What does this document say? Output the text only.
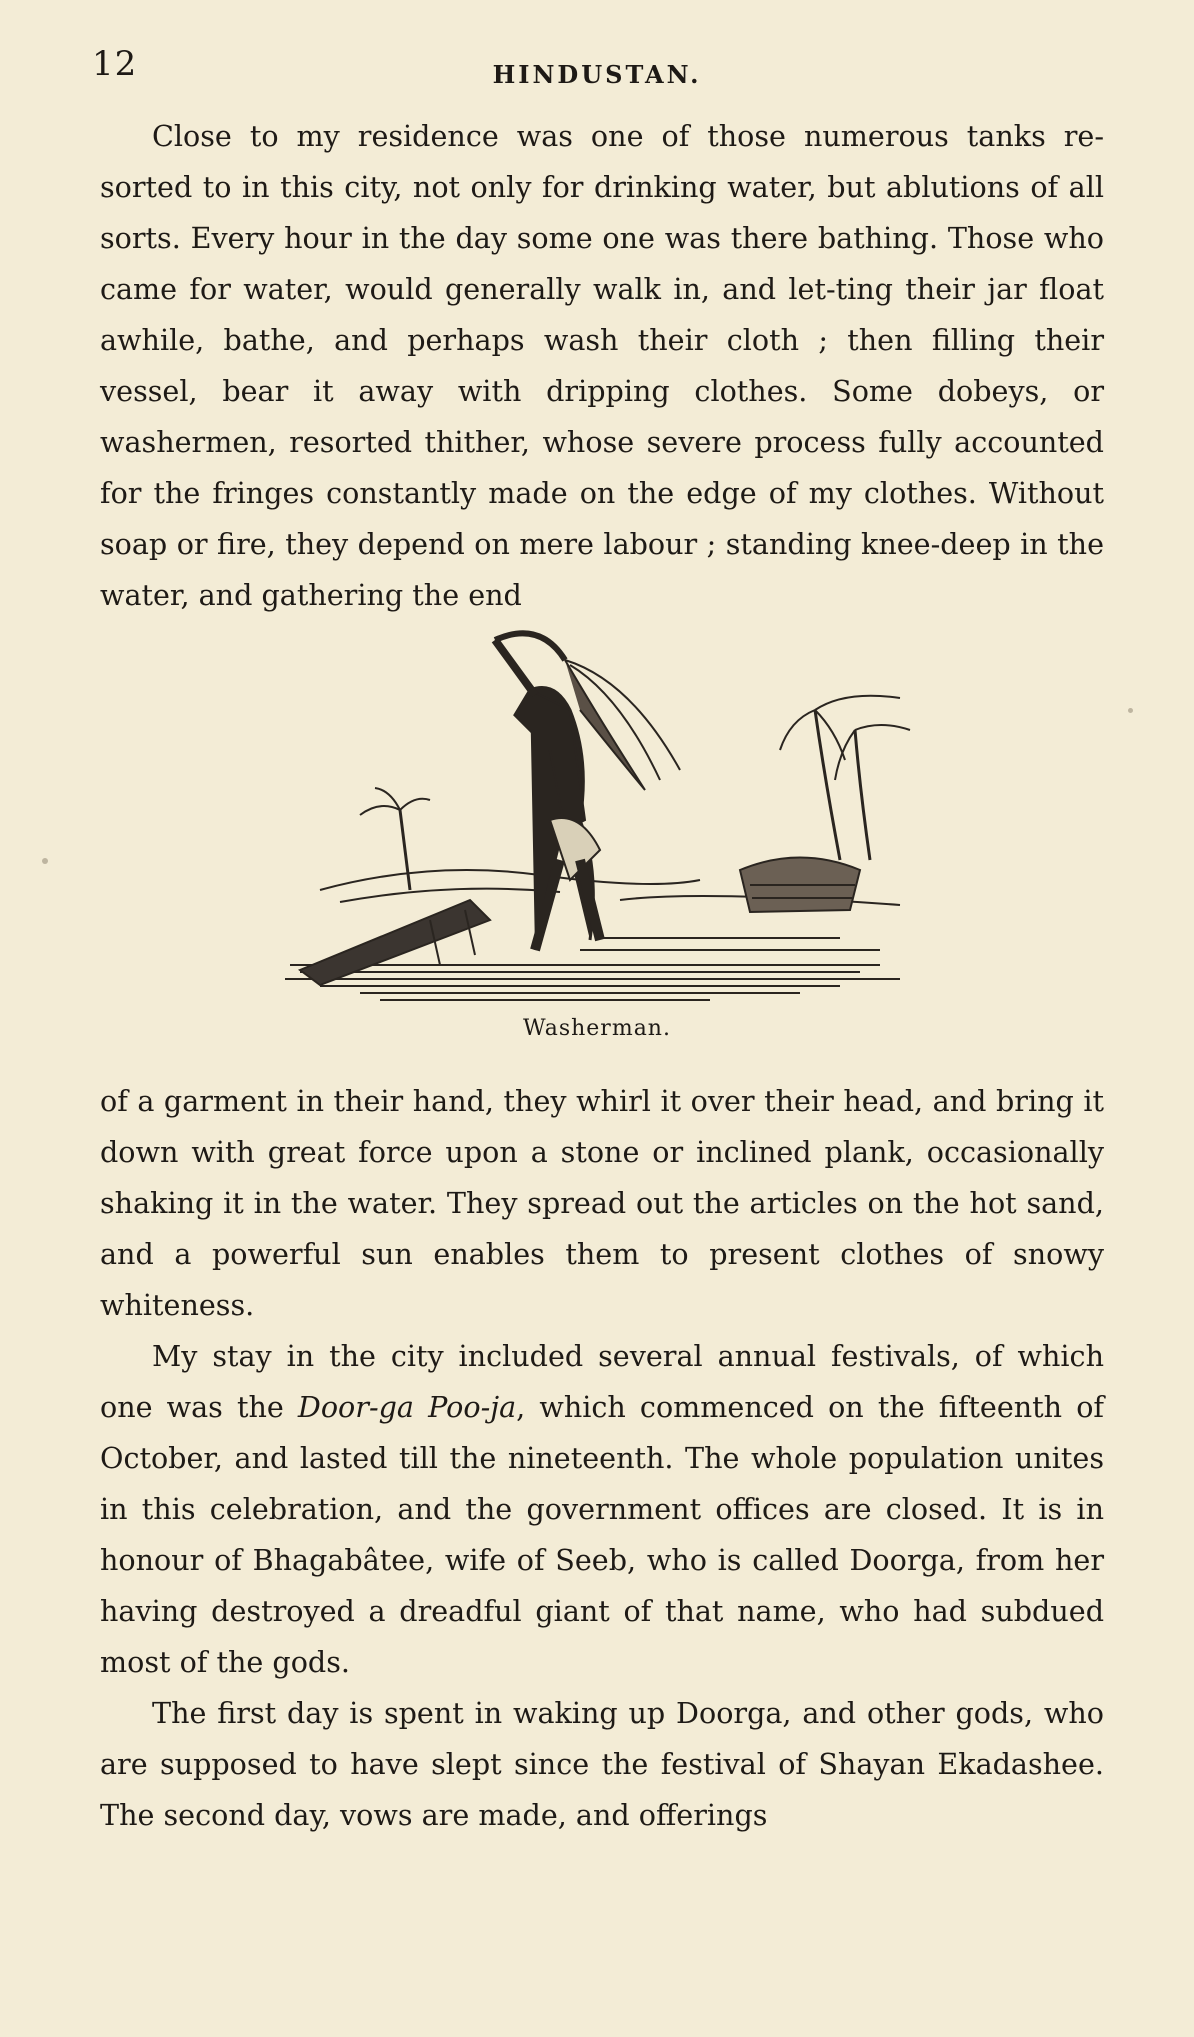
12	HINDUSTAN.

Close to my residence was one of those numerous tanks re-sorted to in this city, not only for drinking water, but ablutions of all sorts. Every hour in the day some one was there bathing. Those who came for water, would generally walk in, and let-ting their jar float awhile, bathe, and perhaps wash their cloth ; then filling their vessel, bear it away with dripping clothes. Some dobeys, or washermen, resorted thither, whose severe process fully accounted for the fringes constantly made on the edge of my clothes. Without soap or fire, they depend on mere labour ; standing knee-deep in the water, and gathering the end

Washerman.

of a garment in their hand, they whirl it over their head, and bring it down with great force upon a stone or inclined plank, occasionally shaking it in the water. They spread out the articles on the hot sand, and a powerful sun enables them to present clothes of snowy whiteness.

My stay in the city included several annual festivals, of which one was the Door-ga Poo-ja, which commenced on the fifteenth of October, and lasted till the nineteenth. The whole population unites in this celebration, and the government offices are closed. It is in honour of Bhagabâtee, wife of Seeb, who is called Doorga, from her having destroyed a dreadful giant of that name, who had subdued most of the gods.

The first day is spent in waking up Doorga, and other gods, who are supposed to have slept since the festival of Shayan Ekadashee. The second day, vows are made, and offerings
